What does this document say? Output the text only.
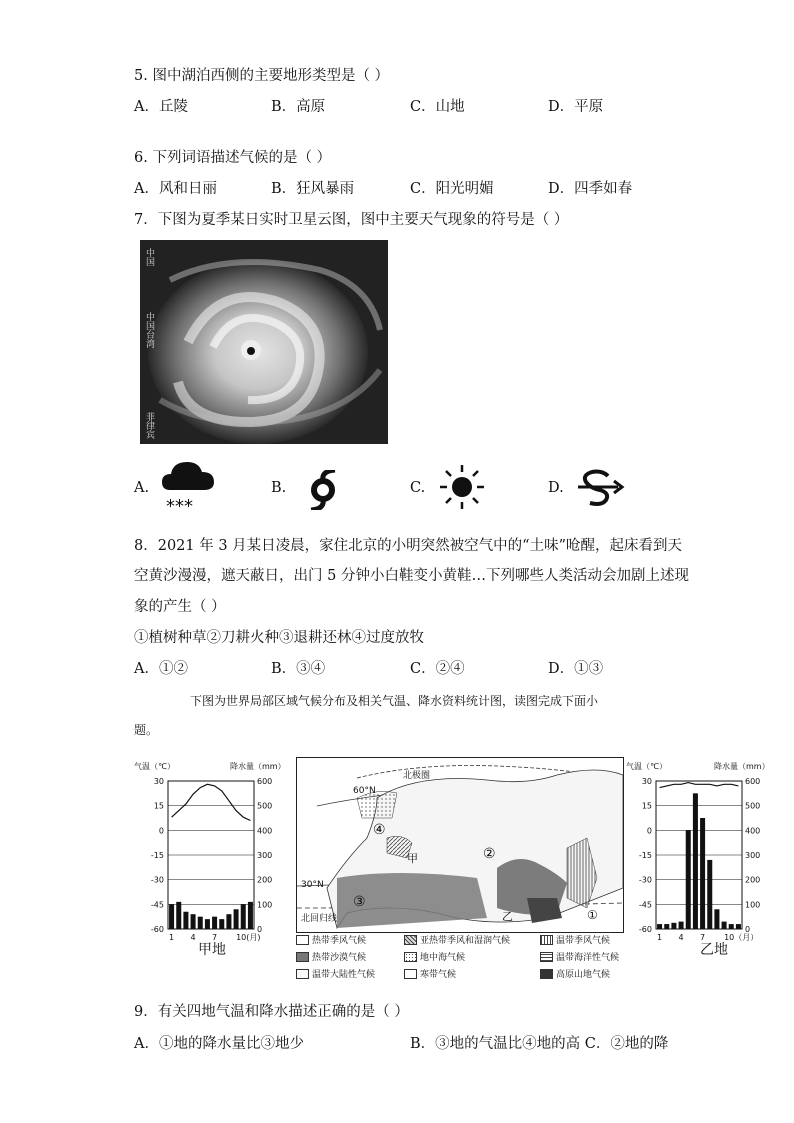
5. 图中湖泊西侧的主要地形类型是（ ）
A．丘陵	B．高原	C．山地	D．平原
6. 下列词语描述气候的是（ ）
A．风和日丽	B．狂风暴雨	C．阳光明媚	D．四季如春
7．下图为夏季某日实时卫星云图，图中主要天气现象的符号是（ ）
中国
中国台湾
菲律宾
A.
***
B.	C.	D.
8．2021 年 3 月某日凌晨，家住北京的小明突然被空气中的“土味”呛醒，起床看到天
空黄沙漫漫，遮天蔽日，出门 5 分钟小白鞋变小黄鞋…下列哪些人类活动会加剧上述现
象的产生（ ）
①植树种草②刀耕火种③退耕还林④过度放牧
A．①②	B．③④	C．②④	D．①③
下图为世界局部区域气候分布及相关气温、降水资料统计图，读图完成下面小
题。
气温（℃）	降水量（mm）
30
15
0
-15
-30
-45
-60
600
500
400
300
200
100
0
1 4 7 10(月)
甲地
北极圈
60°N
30°N
北回归线
甲
乙	①
②
③
④
气温（℃）	降水量（mm）
30
15
0
-15
-30
-45
-60
600
500
400
300
200
100
0
1 4 7 10（月）
乙地
热带季风气候	亚热带季风和湿润气候	温带季风气候
热带沙漠气候	地中海气候	温带海洋性气候
温带大陆性气候	寒带气候	高原山地气候
9．有关四地气温和降水描述正确的是（ ）
A．①地的降水量比③地少	B．③地的气温比④地的高 C．②地的降
